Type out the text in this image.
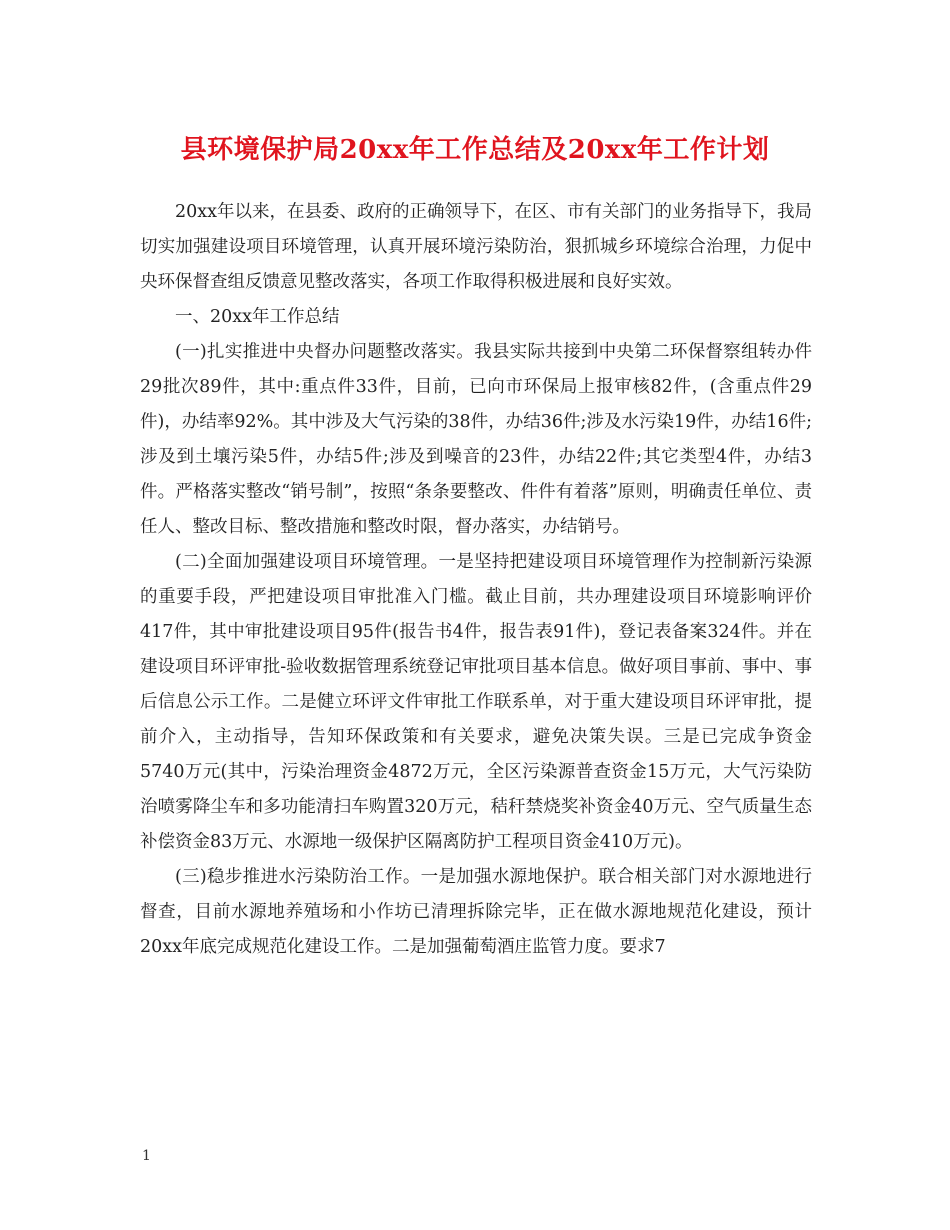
县环境保护局20xx年工作总结及20xx年工作计划

20xx年以来，在县委、政府的正确领导下，在区、市有关部门的业务指导下，我局切实加强建设项目环境管理，认真开展环境污染防治，狠抓城乡环境综合治理，力促中央环保督查组反馈意见整改落实，各项工作取得积极进展和良好实效。

一、20xx年工作总结

(一)扎实推进中央督办问题整改落实。我县实际共接到中央第二环保督察组转办件29批次89件，其中:重点件33件，目前，已向市环保局上报审核82件，(含重点件29件)，办结率92%。其中涉及大气污染的38件，办结36件;涉及水污染19件，办结16件;涉及到土壤污染5件，办结5件;涉及到噪音的23件，办结22件;其它类型4件，办结3件。严格落实整改“销号制”，按照“条条要整改、件件有着落”原则，明确责任单位、责任人、整改目标、整改措施和整改时限，督办落实，办结销号。

(二)全面加强建设项目环境管理。一是坚持把建设项目环境管理作为控制新污染源的重要手段，严把建设项目审批准入门槛。截止目前，共办理建设项目环境影响评价417件，其中审批建设项目95件(报告书4件，报告表91件)，登记表备案324件。并在建设项目环评审批-验收数据管理系统登记审批项目基本信息。做好项目事前、事中、事后信息公示工作。二是健立环评文件审批工作联系单，对于重大建设项目环评审批，提前介入，主动指导，告知环保政策和有关要求，避免决策失误。三是已完成争资金5740万元(其中，污染治理资金4872万元，全区污染源普查资金15万元，大气污染防治喷雾降尘车和多功能清扫车购置320万元，秸秆禁烧奖补资金40万元、空气质量生态补偿资金83万元、水源地一级保护区隔离防护工程项目资金410万元)。

(三)稳步推进水污染防治工作。一是加强水源地保护。联合相关部门对水源地进行督查，目前水源地养殖场和小作坊已清理拆除完毕，正在做水源地规范化建设，预计20xx年底完成规范化建设工作。二是加强葡萄酒庄监管力度。要求7

1
